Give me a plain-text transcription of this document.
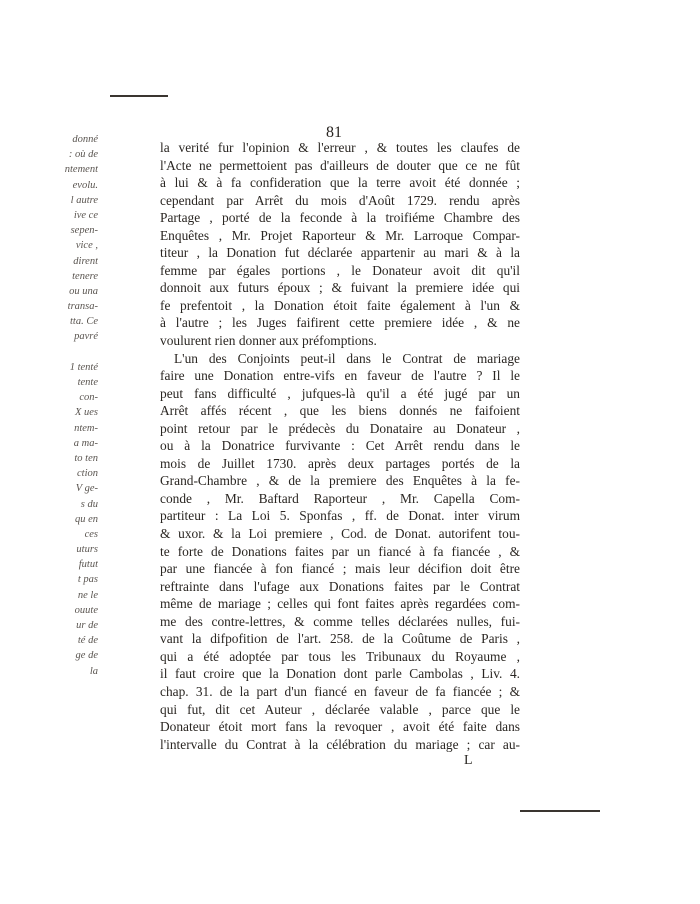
donné
: où de
ntement
evolu.
l autre
ive ce
sepen-
vice ,
dirent
tenere
ou una
transa-
tta. Ce
pavré
1 tenté
tente
con-
X ues
ntem-
a ma-
to ten
ction
V ge-
s du
qu en
ces
uturs
futut
t pas
ne le
ouute
ur de
té de
ge de
la
81
la verité fur l'opinion & l'erreur , & toutes les claufes de
l'Acte ne permettoient pas d'ailleurs de douter que ce ne fût
à lui & à fa confideration que la terre avoit été donnée ;
cependant par Arrêt du mois d'Août 1729. rendu après
Partage , porté de la feconde à la troifiéme Chambre des
Enquêtes , Mr. Projet Raporteur & Mr. Larroque Compar-
titeur , la Donation fut déclarée appartenir au mari & à la
femme par égales portions , le Donateur avoit dit qu'il
donnoit aux futurs époux ; & fuivant la premiere idée qui
fe prefentoit , la Donation étoit faite également à l'un &
à l'autre ; les Juges faifirent cette premiere idée , & ne
voulurent rien donner aux préfomptions.
L'un des Conjoints peut-il dans le Contrat de mariage
faire une Donation entre-vifs en faveur de l'autre ? Il le
peut fans difficulté , jufques-là qu'il a été jugé par un
Arrêt affés récent , que les biens donnés ne faifoient
point retour par le prédecès du Donataire au Donateur ,
ou à la Donatrice furvivante : Cet Arrêt rendu dans le
mois de Juillet 1730. après deux partages portés de la
Grand-Chambre , & de la premiere des Enquêtes à la fe-
conde , Mr. Baftard Raporteur , Mr. Capella Com-
partiteur : La Loi 5. Sponfas , ff. de Donat. inter virum
& uxor. & la Loi premiere , Cod. de Donat. autorifent tou-
te forte de Donations faites par un fiancé à fa fiancée , &
par une fiancée à fon fiancé ; mais leur décifion doit être
reftrainte dans l'ufage aux Donations faites par le Contrat
même de mariage ; celles qui font faites après regardées com-
me des contre-lettres, & comme telles déclarées nulles, fui-
vant la difpofition de l'art. 258. de la Coûtume de Paris ,
qui a été adoptée par tous les Tribunaux du Royaume ,
il faut croire que la Donation dont parle Cambolas , Liv. 4.
chap. 31. de la part d'un fiancé en faveur de fa fiancée ; &
qui fut, dit cet Auteur , déclarée valable , parce que le
Donateur étoit mort fans la revoquer , avoit été faite dans
l'intervalle du Contrat à la célébration du mariage ; car au-
L
